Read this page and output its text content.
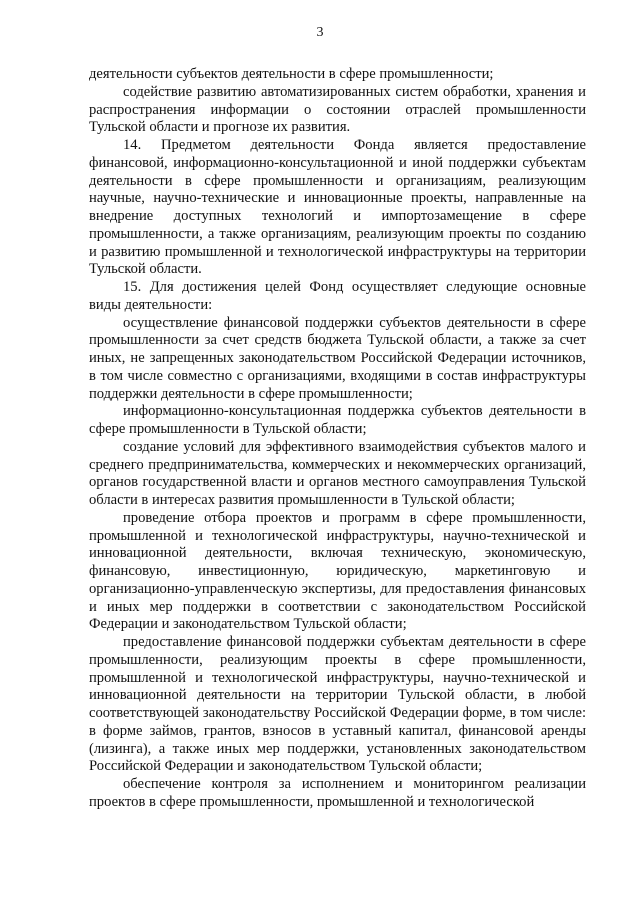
3

деятельности субъектов деятельности в сфере промышленности;

содействие развитию автоматизированных систем обработки, хранения и распространения информации о состоянии отраслей промышленности Тульской области и прогнозе их развития.

14. Предметом деятельности Фонда является предоставление финансовой, информационно-консультационной и иной поддержки субъектам деятельности в сфере промышленности и организациям, реализующим научные, научно-технические и инновационные проекты, направленные на внедрение доступных технологий и импортозамещение в сфере промышленности, а также организациям, реализующим проекты по созданию и развитию промышленной и технологической инфраструктуры на территории Тульской области.

15. Для достижения целей Фонд осуществляет следующие основные виды деятельности:

осуществление финансовой поддержки субъектов деятельности в сфере промышленности за счет средств бюджета Тульской области, а также за счет иных, не запрещенных законодательством Российской Федерации источников, в том числе совместно с организациями, входящими в состав инфраструктуры поддержки деятельности в сфере промышленности;

информационно-консультационная поддержка субъектов деятельности в сфере промышленности в Тульской области;

создание условий для эффективного взаимодействия субъектов малого и среднего предпринимательства, коммерческих и некоммерческих организаций, органов государственной власти и органов местного самоуправления Тульской области в интересах развития промышленности в Тульской области;

проведение отбора проектов и программ в сфере промышленности, промышленной и технологической инфраструктуры, научно-технической и инновационной деятельности, включая техническую, экономическую, финансовую, инвестиционную, юридическую, маркетинговую и организационно-управленческую экспертизы, для предоставления финансовых и иных мер поддержки в соответствии с законодательством Российской Федерации и законодательством Тульской области;

предоставление финансовой поддержки субъектам деятельности в сфере промышленности, реализующим проекты в сфере промышленности, промышленной и технологической инфраструктуры, научно-технической и инновационной деятельности на территории Тульской области, в любой соответствующей законодательству Российской Федерации форме, в том числе: в форме займов, грантов, взносов в уставный капитал, финансовой аренды (лизинга), а также иных мер поддержки, установленных законодательством Российской Федерации и законодательством Тульской области;

обеспечение контроля за исполнением и мониторингом реализации проектов в сфере промышленности, промышленной и технологической
